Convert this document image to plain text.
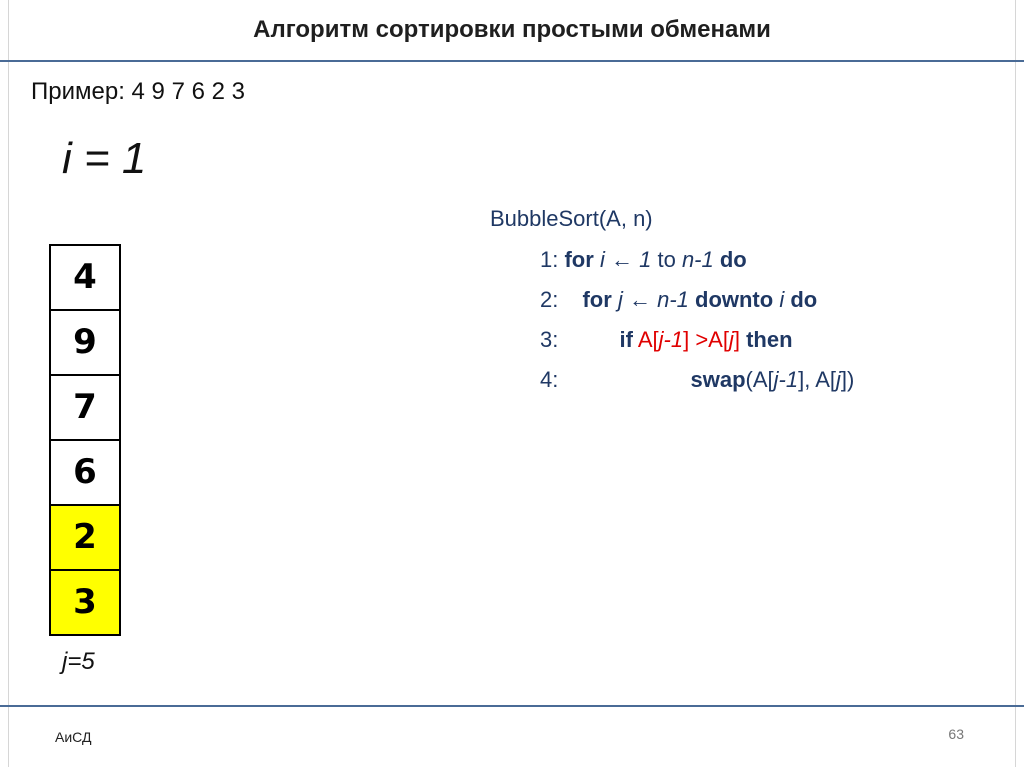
Алгоритм сортировки простыми обменами
Пример: 4 9 7 6 2 3
i = 1
4
9
7
6
2
3
j=5
BubbleSort(A, n)
1: for i ← 1 to n-1 do
2: for j ← n-1 downto i do
3:	if A[j-1] >A[j] then
4:	swap(A[j-1], A[j])
АиСД	63
